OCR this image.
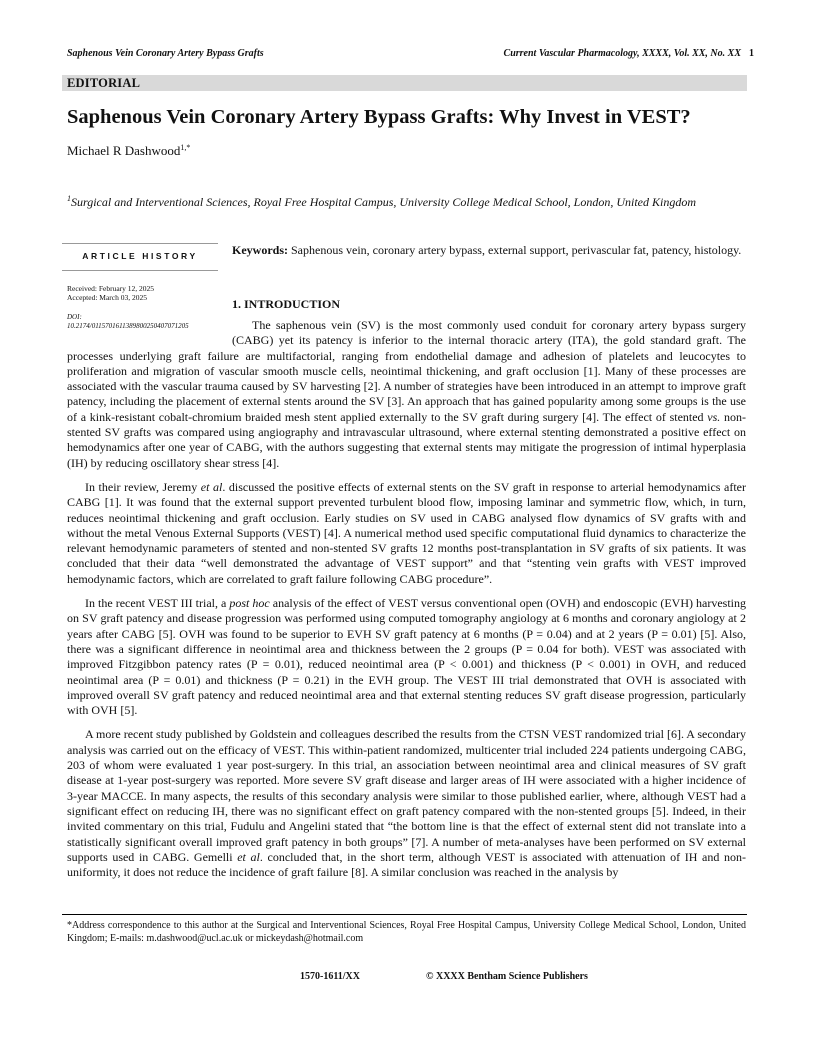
Saphenous Vein Coronary Artery Bypass Grafts	Current Vascular Pharmacology, XXXX, Vol. XX, No. XX 1
EDITORIAL
Saphenous Vein Coronary Artery Bypass Grafts: Why Invest in VEST?
Michael R Dashwood$^{1,*}$
$^1$Surgical and Interventional Sciences, Royal Free Hospital Campus, University College Medical School, London, United Kingdom
ARTICLE HISTORY
Received: February 12, 2025
Accepted: March 03, 2025
DOI:
10.2174/0115701611389800250407071205
Keywords: Saphenous vein, coronary artery bypass, external support, perivascular fat, patency, histology.
1. INTRODUCTION

The saphenous vein (SV) is the most commonly used conduit for coronary artery bypass surgery (CABG) yet its patency is inferior to the internal thoracic artery (ITA), the gold standard graft. The processes underlying graft failure are multifactorial, ranging from endothelial damage and adhesion of platelets and leucocytes to proliferation and migration of vascular smooth muscle cells, neointimal thickening, and graft occlusion [1]. Many of these processes are associated with the vascular trauma caused by SV harvesting [2]. A number of strategies have been introduced in an attempt to improve graft patency, including the placement of external stents around the SV [3]. An approach that has gained popularity among some groups is the use of a kink-resistant cobalt-chromium braided mesh stent applied externally to the SV graft during surgery [4]. The effect of stented vs. non-stented SV grafts was compared using angiography and intravascular ultrasound, where external stenting demonstrated a positive effect on hemodynamics after one year of CABG, with the authors suggesting that external stents may mitigate the progression of intimal hyperplasia (IH) by reducing oscillatory shear stress [4].

In their review, Jeremy et al. discussed the positive effects of external stents on the SV graft in response to arterial hemodynamics after CABG [1]. It was found that the external support prevented turbulent blood flow, imposing laminar and symmetric flow, which, in turn, reduces neointimal thickening and graft occlusion. Early studies on SV used in CABG analysed flow dynamics of SV grafts with and without the metal Venous External Supports (VEST) [4]. A numerical method used specific computational fluid dynamics to characterize the relevant hemodynamic parameters of stented and non-stented SV grafts 12 months post-transplantation in SV grafts of six patients. It was concluded that their data “well demonstrated the advantage of VEST support” and that “stenting vein grafts with VEST improved hemodynamic factors, which are correlated to graft failure following CABG procedure”.

In the recent VEST III trial, a post hoc analysis of the effect of VEST versus conventional open (OVH) and endoscopic (EVH) harvesting on SV graft patency and disease progression was performed using computed tomography angiology at 6 months and coronary angiology at 2 years after CABG [5]. OVH was found to be superior to EVH SV graft patency at 6 months (P = 0.04) and at 2 years (P = 0.01) [5]. Also, there was a significant difference in neointimal area and thickness between the 2 groups (P = 0.04 for both). VEST was associated with improved Fitzgibbon patency rates (P = 0.01), reduced neointimal area (P < 0.001) and thickness (P < 0.001) in OVH, and reduced neointimal area (P = 0.01) and thickness (P = 0.21) in the EVH group. The VEST III trial demonstrated that OVH is associated with improved overall SV graft patency and reduced neointimal area and that external stenting reduces SV graft disease progression, particularly with OVH [5].

A more recent study published by Goldstein and colleagues described the results from the CTSN VEST randomized trial [6]. A secondary analysis was carried out on the efficacy of VEST. This within-patient randomized, multicenter trial included 224 patients undergoing CABG, 203 of whom were evaluated 1 year post-surgery. In this trial, an association between neointimal area and clinical measures of SV graft disease at 1-year post-surgery was reported. More severe SV graft disease and larger areas of IH were associated with a higher incidence of 3-year MACCE. In many aspects, the results of this secondary analysis were similar to those published earlier, where, although VEST had a significant effect on reducing IH, there was no significant effect on graft patency compared with the non-stented groups [5]. Indeed, in their invited commentary on this trial, Fudulu and Angelini stated that “the bottom line is that the effect of external stent did not translate into a statistically significant overall improved graft patency in both groups” [7]. A number of meta-analyses have been performed on SV external supports used in CABG. Gemelli et al. concluded that, in the short term, although VEST is associated with attenuation of IH and non-uniformity, it does not reduce the incidence of graft failure [8]. A similar conclusion was reached in the analysis by

*Address correspondence to this author at the Surgical and Interventional Sciences, Royal Free Hospital Campus, University College Medical School, London, United Kingdom; E-mails: m.dashwood@ucl.ac.uk or mickeydash@hotmail.com
1570-1611/XX	© XXXX Bentham Science Publishers
